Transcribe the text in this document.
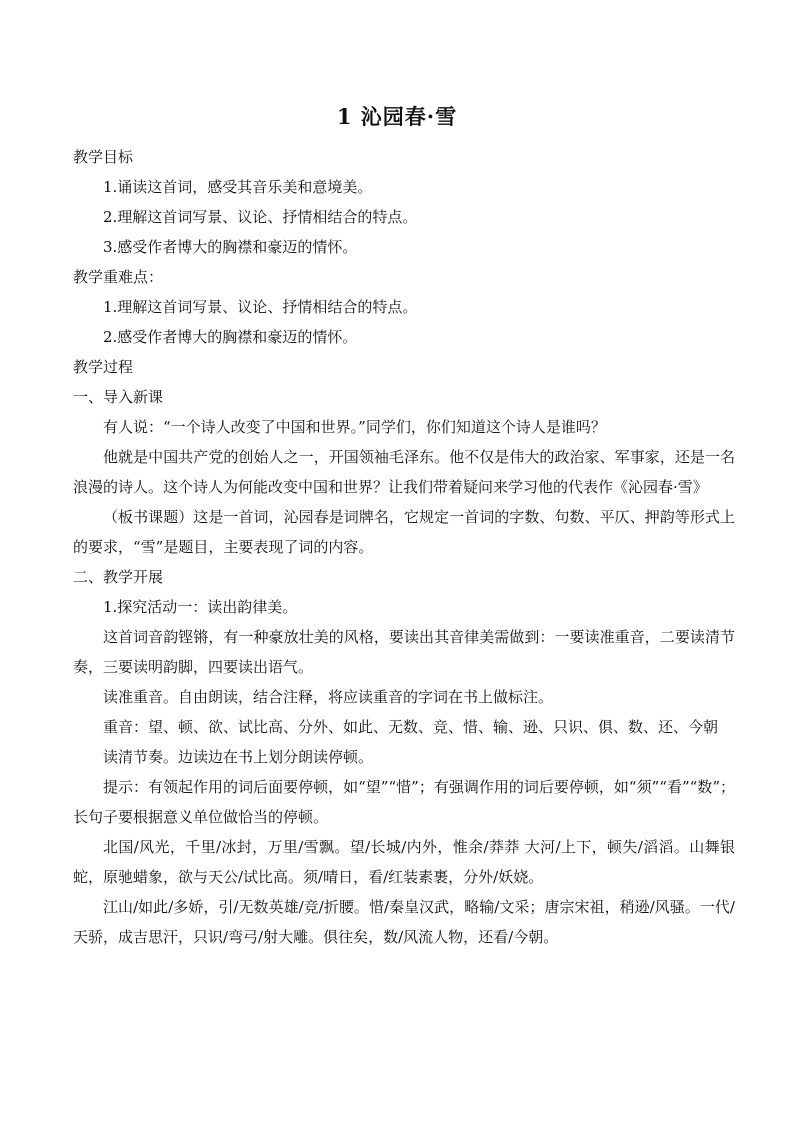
1 沁园春·雪

教学目标

1.诵读这首词，感受其音乐美和意境美。

2.理解这首词写景、议论、抒情相结合的特点。

3.感受作者博大的胸襟和豪迈的情怀。

教学重难点：

1.理解这首词写景、议论、抒情相结合的特点。

2.感受作者博大的胸襟和豪迈的情怀。

教学过程

一、导入新课

有人说：“一个诗人改变了中国和世界。”同学们，你们知道这个诗人是谁吗？

他就是中国共产党的创始人之一，开国领袖毛泽东。他不仅是伟大的政治家、军事家，还是一名浪漫的诗人。这个诗人为何能改变中国和世界？让我们带着疑问来学习他的代表作《沁园春·雪》

（板书课题）这是一首词，沁园春是词牌名，它规定一首词的字数、句数、平仄、押韵等形式上的要求，“雪”是题目，主要表现了词的内容。

二、教学开展

1.探究活动一：读出韵律美。

这首词音韵铿锵，有一种豪放壮美的风格，要读出其音律美需做到：一要读准重音，二要读清节奏，三要读明韵脚，四要读出语气。

读准重音。自由朗读，结合注释，将应读重音的字词在书上做标注。

重音：望、顿、欲、试比高、分外、如此、无数、竞、惜、输、逊、只识、俱、数、还、今朝

读清节奏。边读边在书上划分朗读停顿。

提示：有领起作用的词后面要停顿，如“望”“惜”；有强调作用的词后要停顿，如“须”“看”“数”；长句子要根据意义单位做恰当的停顿。

北国/风光，千里/冰封，万里/雪飘。望/长城/内外，惟余/莽莽 大河/上下，顿失/滔滔。山舞银蛇，原驰蜡象，欲与天公/试比高。须/晴日，看/红装素裹，分外/妖娆。

江山/如此/多娇，引/无数英雄/竞/折腰。惜/秦皇汉武，略输/文采；唐宗宋祖，稍逊/风骚。一代/天骄，成吉思汗，只识/弯弓/射大雕。俱往矣，数/风流人物，还看/今朝。
